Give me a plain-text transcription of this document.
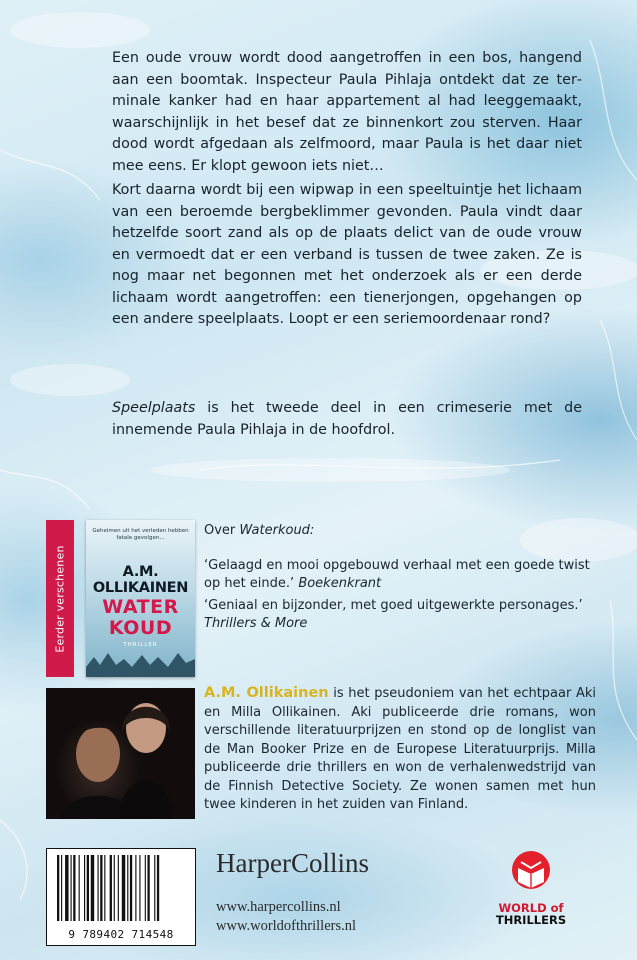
Een oude vrouw wordt dood aangetroffen in een bos, hangend aan een boomtak. Inspecteur Paula Pihlaja ontdekt dat ze terminale kanker had en haar appartement al had leeggemaakt, waarschijnlijk in het besef dat ze binnenkort zou sterven. Haar dood wordt afgedaan als zelfmoord, maar Paula is het daar niet mee eens. Er klopt gewoon iets niet…

Kort daarna wordt bij een wipwap in een speeltuintje het lichaam van een beroemde bergbeklimmer gevonden. Paula vindt daar hetzelfde soort zand als op de plaats delict van de oude vrouw en vermoedt dat er een verband is tussen de twee zaken. Ze is nog maar net begonnen met het onderzoek als er een derde lichaam wordt aangetroffen: een tienerjongen, opgehangen op een andere speelplaats. Loopt er een seriemoordenaar rond?

Speelplaats is het tweede deel in een crimeserie met de innemende Paula Pihlaja in de hoofdrol.

Eerder verschenen
Geheimen uit het verleden hebben fatale gevolgen...
A.M. OLLIKAINEN
WATER
KOUD
THRILLER
Over Waterkoud:
‘Gelaagd en mooi opgebouwd verhaal met een goede twist op het einde.’ Boekenkrant
‘Geniaal en bijzonder, met goed uitgewerkte personages.’
Thrillers & More

A.M. Ollikainen is het pseudoniem van het echtpaar Aki en Milla Ollikainen. Aki publiceerde drie romans, won verschillende literatuurprijzen en stond op de longlist van de Man Booker Prize en de Europese Literatuurprijs. Milla publiceerde drie thrillers en won de verhalenwedstrijd van de Finnish Detective Society. Ze wonen samen met hun twee kinderen in het zuiden van Finland.

9 789402 714548
HarperCollins
www.harpercollins.nl
www.worldofthrillers.nl
WORLD of
THRILLERS
